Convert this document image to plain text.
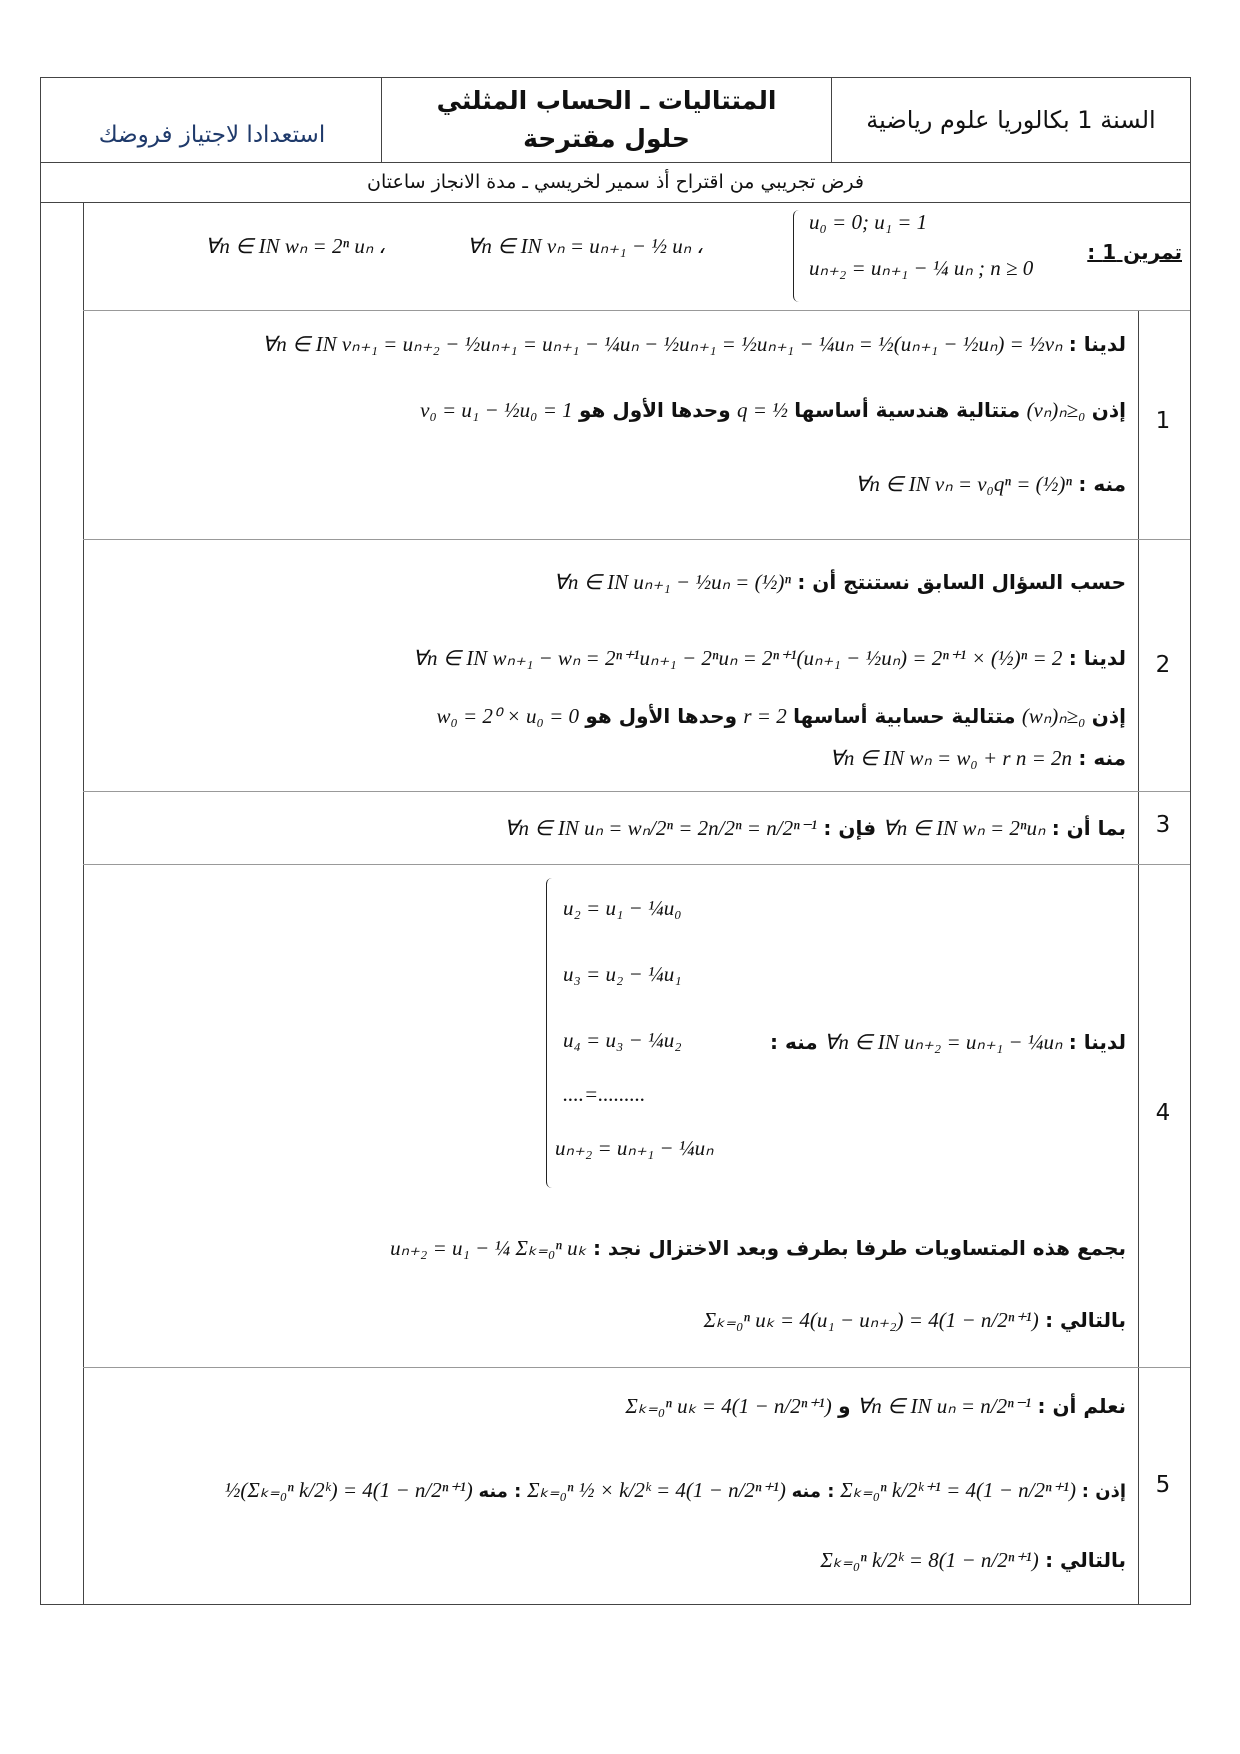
السنة 1 بكالوريا علوم رياضية
المتتاليات ـ الحساب المثلثي
حلول مقترحة
استعدادا لاجتياز فروضك
فرض تجريبي من اقتراح أذ سمير لخريسي ـ مدة الانجاز ساعتان
تمرين 1 :
u₀ = 0; u₁ = 1
uₙ₊₂ = uₙ₊₁ − ¼ uₙ ; n ≥ 0
∀n ∈ IN vₙ = uₙ₊₁ − ½ uₙ ،
∀n ∈ IN wₙ = 2ⁿ uₙ ،
1
لدينا : ∀n ∈ IN vₙ₊₁ = uₙ₊₂ − ½uₙ₊₁ = uₙ₊₁ − ¼uₙ − ½uₙ₊₁ = ½uₙ₊₁ − ¼uₙ = ½(uₙ₊₁ − ½uₙ) = ½vₙ
إذن (vₙ)ₙ≥₀ متتالية هندسية أساسها q = ½ وحدها الأول هو v₀ = u₁ − ½u₀ = 1
منه : ∀n ∈ IN vₙ = v₀qⁿ = (½)ⁿ
2
حسب السؤال السابق نستنتج أن : ∀n ∈ IN uₙ₊₁ − ½uₙ = (½)ⁿ
لدينا : ∀n ∈ IN wₙ₊₁ − wₙ = 2ⁿ⁺¹uₙ₊₁ − 2ⁿuₙ = 2ⁿ⁺¹(uₙ₊₁ − ½uₙ) = 2ⁿ⁺¹ × (½)ⁿ = 2
إذن (wₙ)ₙ≥₀ متتالية حسابية أساسها r = 2 وحدها الأول هو w₀ = 2⁰ × u₀ = 0
منه : ∀n ∈ IN wₙ = w₀ + r n = 2n
3
بما أن : ∀n ∈ IN wₙ = 2ⁿuₙ فإن : ∀n ∈ IN uₙ = wₙ/2ⁿ = 2n/2ⁿ = n/2ⁿ⁻¹
4
u₂ = u₁ − ¼u₀
u₃ = u₂ − ¼u₁
u₄ = u₃ − ¼u₂
....=.........
uₙ₊₂ = uₙ₊₁ − ¼uₙ
لدينا : ∀n ∈ IN uₙ₊₂ = uₙ₊₁ − ¼uₙ منه :
بجمع هذه المتساويات طرفا بطرف وبعد الاختزال نجد : uₙ₊₂ = u₁ − ¼ Σₖ₌₀ⁿ uₖ
بالتالي : Σₖ₌₀ⁿ uₖ = 4(u₁ − uₙ₊₂) = 4(1 − n/2ⁿ⁺¹)
5
نعلم أن : ∀n ∈ IN uₙ = n/2ⁿ⁻¹ و Σₖ₌₀ⁿ uₖ = 4(1 − n/2ⁿ⁺¹)
إذن : Σₖ₌₀ⁿ k/2ᵏ⁺¹ = 4(1 − n/2ⁿ⁺¹) : منه Σₖ₌₀ⁿ ½ × k/2ᵏ = 4(1 − n/2ⁿ⁺¹) : منه ½(Σₖ₌₀ⁿ k/2ᵏ) = 4(1 − n/2ⁿ⁺¹)
بالتالي : Σₖ₌₀ⁿ k/2ᵏ = 8(1 − n/2ⁿ⁺¹)
